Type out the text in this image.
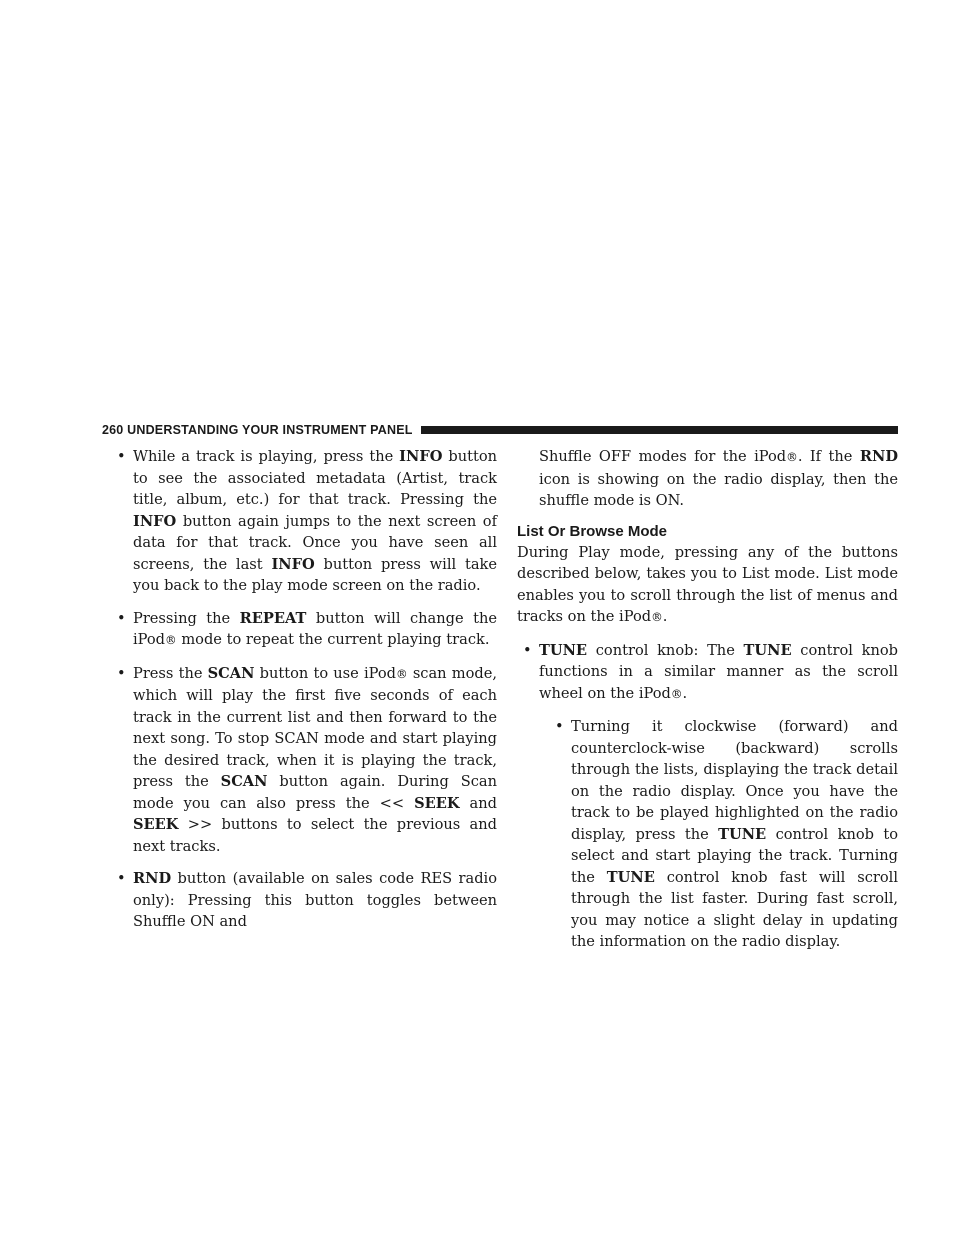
260 UNDERSTANDING YOUR INSTRUMENT PANEL
• While a track is playing, press the INFO button to see the associated metadata (Artist, track title, album, etc.) for that track. Pressing the INFO button again jumps to the next screen of data for that track. Once you have seen all screens, the last INFO button press will take you back to the play mode screen on the radio.
• Pressing the REPEAT button will change the iPod® mode to repeat the current playing track.
• Press the SCAN button to use iPod® scan mode, which will play the first five seconds of each track in the current list and then forward to the next song. To stop SCAN mode and start playing the desired track, when it is playing the track, press the SCAN button again. During Scan mode you can also press the << SEEK and SEEK >> buttons to select the previous and next tracks.
• RND button (available on sales code RES radio only): Pressing this button toggles between Shuffle ON and
Shuffle OFF modes for the iPod®. If the RND icon is showing on the radio display, then the shuffle mode is ON.
List Or Browse Mode
During Play mode, pressing any of the buttons described below, takes you to List mode. List mode enables you to scroll through the list of menus and tracks on the iPod®.
• TUNE control knob: The TUNE control knob functions in a similar manner as the scroll wheel on the iPod®.
• Turning it clockwise (forward) and counterclock-wise (backward) scrolls through the lists, displaying the track detail on the radio display. Once you have the track to be played highlighted on the radio display, press the TUNE control knob to select and start playing the track. Turning the TUNE control knob fast will scroll through the list faster. During fast scroll, you may notice a slight delay in updating the information on the radio display.
